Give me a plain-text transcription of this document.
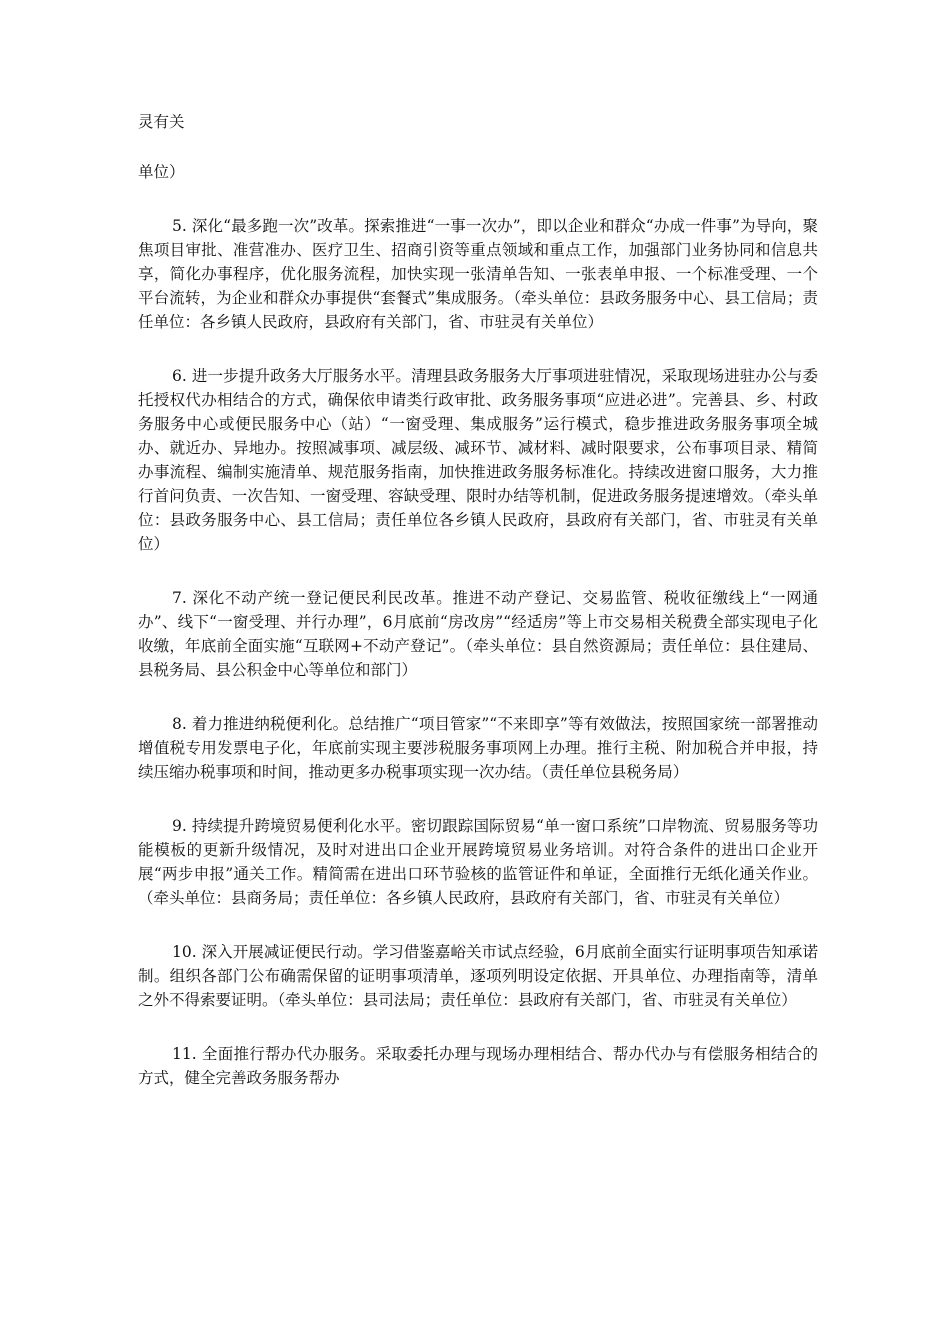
灵有关

单位）

5. 深化“最多跑一次”改革。探索推进“一事一次办”，即以企业和群众“办成一件事”为导向，聚焦项目审批、准营准办、医疗卫生、招商引资等重点领域和重点工作，加强部门业务协同和信息共享，简化办事程序，优化服务流程，加快实现一张清单告知、一张表单申报、一个标准受理、一个平台流转，为企业和群众办事提供“套餐式”集成服务。（牵头单位：县政务服务中心、县工信局；责任单位：各乡镇人民政府，县政府有关部门，省、市驻灵有关单位）

6. 进一步提升政务大厅服务水平。清理县政务服务大厅事项进驻情况，采取现场进驻办公与委托授权代办相结合的方式，确保依申请类行政审批、政务服务事项“应进必进”。完善县、乡、村政务服务中心或便民服务中心（站）“一窗受理、集成服务”运行模式，稳步推进政务服务事项全城办、就近办、异地办。按照减事项、减层级、减环节、减材料、减时限要求，公布事项目录、精简办事流程、编制实施清单、规范服务指南，加快推进政务服务标准化。持续改进窗口服务，大力推行首问负责、一次告知、一窗受理、容缺受理、限时办结等机制，促进政务服务提速增效。（牵头单位：县政务服务中心、县工信局；责任单位各乡镇人民政府，县政府有关部门，省、市驻灵有关单位）

7. 深化不动产统一登记便民利民改革。推进不动产登记、交易监管、税收征缴线上“一网通办”、线下“一窗受理、并行办理”，6月底前“房改房”“经适房”等上市交易相关税费全部实现电子化收缴，年底前全面实施“互联网+不动产登记”。（牵头单位：县自然资源局；责任单位：县住建局、县税务局、县公积金中心等单位和部门）

8. 着力推进纳税便利化。总结推广“项目管家”“不来即享”等有效做法，按照国家统一部署推动增值税专用发票电子化，年底前实现主要涉税服务事项网上办理。推行主税、附加税合并申报，持续压缩办税事项和时间，推动更多办税事项实现一次办结。（责任单位县税务局）

9. 持续提升跨境贸易便利化水平。密切跟踪国际贸易“单一窗口系统”口岸物流、贸易服务等功能模板的更新升级情况，及时对进出口企业开展跨境贸易业务培训。对符合条件的进出口企业开展“两步申报”通关工作。精简需在进出口环节验核的监管证件和单证，全面推行无纸化通关作业。（牵头单位：县商务局；责任单位：各乡镇人民政府，县政府有关部门，省、市驻灵有关单位）

10. 深入开展减证便民行动。学习借鉴嘉峪关市试点经验，6月底前全面实行证明事项告知承诺制。组织各部门公布确需保留的证明事项清单，逐项列明设定依据、开具单位、办理指南等，清单之外不得索要证明。（牵头单位：县司法局；责任单位：县政府有关部门，省、市驻灵有关单位）

11. 全面推行帮办代办服务。采取委托办理与现场办理相结合、帮办代办与有偿服务相结合的方式，健全完善政务服务帮办
